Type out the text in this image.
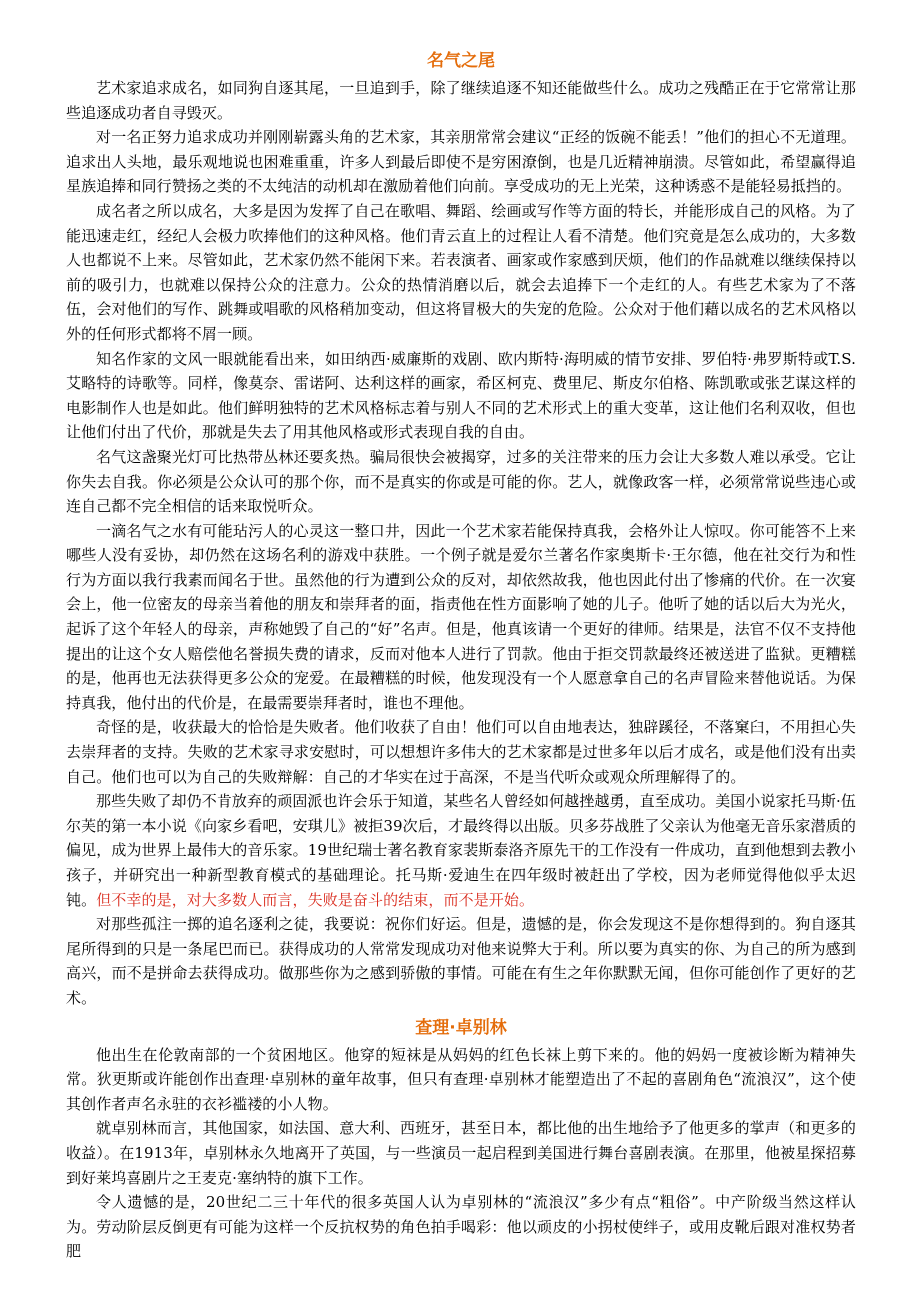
名气之尾

艺术家追求成名，如同狗自逐其尾，一旦追到手，除了继续追逐不知还能做些什么。成功之残酷正在于它常常让那些追逐成功者自寻毁灭。

对一名正努力追求成功并刚刚崭露头角的艺术家，其亲朋常常会建议“正经的饭碗不能丢！”他们的担心不无道理。追求出人头地，最乐观地说也困难重重，许多人到最后即使不是穷困潦倒，也是几近精神崩溃。尽管如此，希望赢得追星族追捧和同行赞扬之类的不太纯洁的动机却在激励着他们向前。享受成功的无上光荣，这种诱惑不是能轻易抵挡的。

成名者之所以成名，大多是因为发挥了自己在歌唱、舞蹈、绘画或写作等方面的特长，并能形成自己的风格。为了能迅速走红，经纪人会极力吹捧他们的这种风格。他们青云直上的过程让人看不清楚。他们究竟是怎么成功的，大多数人也都说不上来。尽管如此，艺术家仍然不能闲下来。若表演者、画家或作家感到厌烦，他们的作品就难以继续保持以前的吸引力，也就难以保持公众的注意力。公众的热情消磨以后，就会去追捧下一个走红的人。有些艺术家为了不落伍，会对他们的写作、跳舞或唱歌的风格稍加变动，但这将冒极大的失宠的危险。公众对于他们藉以成名的艺术风格以外的任何形式都将不屑一顾。

知名作家的文风一眼就能看出来，如田纳西·威廉斯的戏剧、欧内斯特·海明威的情节安排、罗伯特·弗罗斯特或T.S.艾略特的诗歌等。同样，像莫奈、雷诺阿、达利这样的画家，希区柯克、费里尼、斯皮尔伯格、陈凯歌或张艺谋这样的电影制作人也是如此。他们鲜明独特的艺术风格标志着与别人不同的艺术形式上的重大变革，这让他们名利双收，但也让他们付出了代价，那就是失去了用其他风格或形式表现自我的自由。

名气这盏聚光灯可比热带丛林还要炙热。骗局很快会被揭穿，过多的关注带来的压力会让大多数人难以承受。它让你失去自我。你必须是公众认可的那个你，而不是真实的你或是可能的你。艺人，就像政客一样，必须常常说些违心或连自己都不完全相信的话来取悦听众。

一滴名气之水有可能玷污人的心灵这一整口井，因此一个艺术家若能保持真我，会格外让人惊叹。你可能答不上来哪些人没有妥协，却仍然在这场名利的游戏中获胜。一个例子就是爱尔兰著名作家奥斯卡·王尔德，他在社交行为和性行为方面以我行我素而闻名于世。虽然他的行为遭到公众的反对，却依然故我，他也因此付出了惨痛的代价。在一次宴会上，他一位密友的母亲当着他的朋友和崇拜者的面，指责他在性方面影响了她的儿子。他听了她的话以后大为光火，起诉了这个年轻人的母亲，声称她毁了自己的“好”名声。但是，他真该请一个更好的律师。结果是，法官不仅不支持他提出的让这个女人赔偿他名誉损失费的请求，反而对他本人进行了罚款。他由于拒交罚款最终还被送进了监狱。更糟糕的是，他再也无法获得更多公众的宠爱。在最糟糕的时候，他发现没有一个人愿意拿自己的名声冒险来替他说话。为保持真我，他付出的代价是，在最需要崇拜者时，谁也不理他。

奇怪的是，收获最大的恰恰是失败者。他们收获了自由！他们可以自由地表达，独辟蹊径，不落窠臼，不用担心失去崇拜者的支持。失败的艺术家寻求安慰时，可以想想许多伟大的艺术家都是过世多年以后才成名，或是他们没有出卖自己。他们也可以为自己的失败辩解：自己的才华实在过于高深，不是当代听众或观众所理解得了的。

那些失败了却仍不肯放弃的顽固派也许会乐于知道，某些名人曾经如何越挫越勇，直至成功。美国小说家托马斯·伍尔芙的第一本小说《向家乡看吧，安琪儿》被拒39次后，才最终得以出版。贝多芬战胜了父亲认为他毫无音乐家潜质的偏见，成为世界上最伟大的音乐家。19世纪瑞士著名教育家裴斯泰洛齐原先干的工作没有一件成功，直到他想到去教小孩子，并研究出一种新型教育模式的基础理论。托马斯·爱迪生在四年级时被赶出了学校，因为老师觉得他似乎太迟钝。但不幸的是，对大多数人而言，失败是奋斗的结束，而不是开始。

对那些孤注一掷的追名逐利之徒，我要说：祝你们好运。但是，遗憾的是，你会发现这不是你想得到的。狗自逐其尾所得到的只是一条尾巴而已。获得成功的人常常发现成功对他来说弊大于利。所以要为真实的你、为自己的所为感到高兴，而不是拼命去获得成功。做那些你为之感到骄傲的事情。可能在有生之年你默默无闻，但你可能创作了更好的艺术。

查理·卓别林

他出生在伦敦南部的一个贫困地区。他穿的短袜是从妈妈的红色长袜上剪下来的。他的妈妈一度被诊断为精神失常。狄更斯或许能创作出查理·卓别林的童年故事，但只有查理·卓别林才能塑造出了不起的喜剧角色“流浪汉”，这个使其创作者声名永驻的衣衫褴褛的小人物。

就卓别林而言，其他国家，如法国、意大利、西班牙，甚至日本，都比他的出生地给予了他更多的掌声（和更多的收益）。在1913年，卓别林永久地离开了英国，与一些演员一起启程到美国进行舞台喜剧表演。在那里，他被星探招募到好莱坞喜剧片之王麦克·塞纳特的旗下工作。

令人遗憾的是，20世纪二三十年代的很多英国人认为卓别林的“流浪汉”多少有点“粗俗”。中产阶级当然这样认为。劳动阶层反倒更有可能为这样一个反抗权势的角色拍手喝彩：他以顽皮的小拐杖使绊子，或用皮靴后跟对准权势者肥
